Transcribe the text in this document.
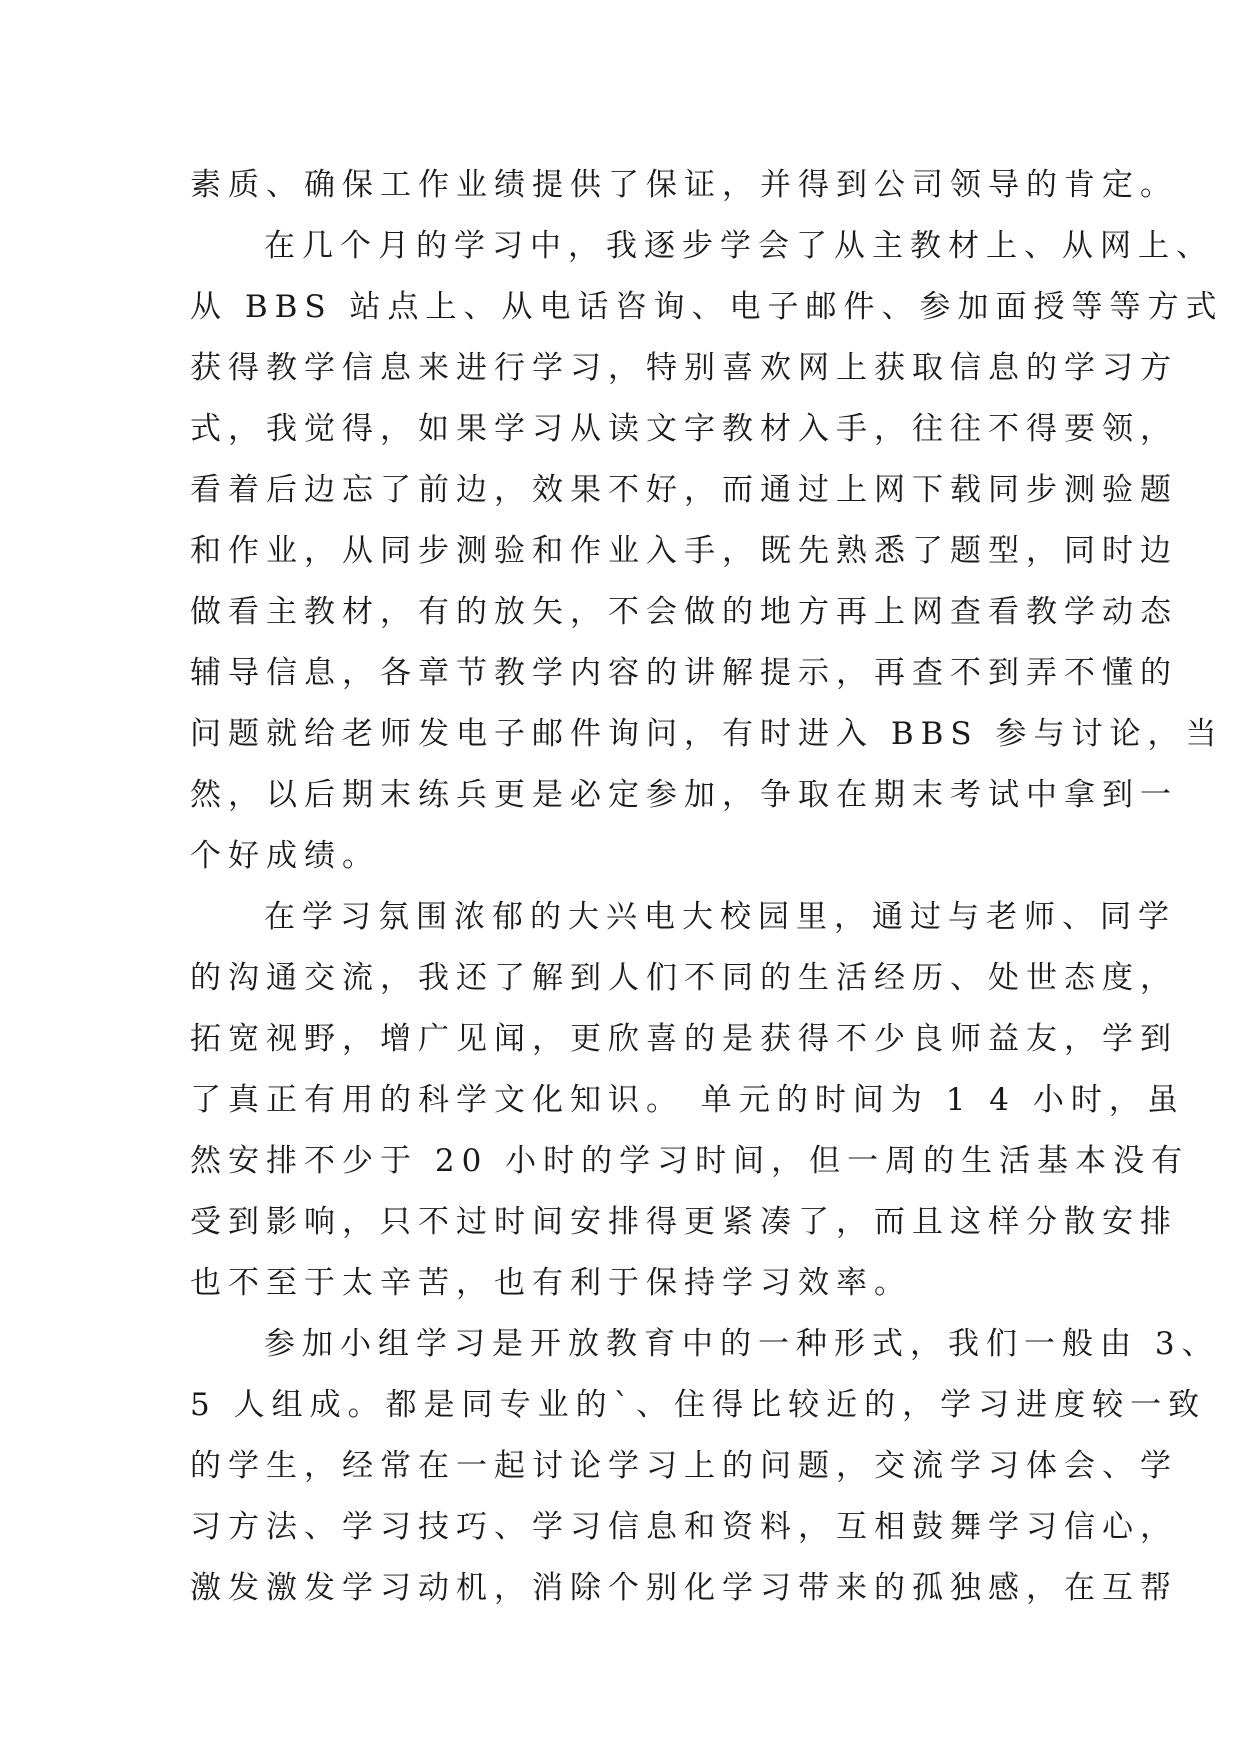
素质、确保工作业绩提供了保证，并得到公司领导的肯定。
在几个月的学习中，我逐步学会了从主教材上、从网上、
从 BBS 站点上、从电话咨询、电子邮件、参加面授等等方式
获得教学信息来进行学习，特别喜欢网上获取信息的学习方
式，我觉得，如果学习从读文字教材入手，往往不得要领，
看着后边忘了前边，效果不好，而通过上网下载同步测验题
和作业，从同步测验和作业入手，既先熟悉了题型，同时边
做看主教材，有的放矢，不会做的地方再上网查看教学动态
辅导信息，各章节教学内容的讲解提示，再查不到弄不懂的
问题就给老师发电子邮件询问，有时进入 BBS 参与讨论，当
然，以后期末练兵更是必定参加，争取在期末考试中拿到一
个好成绩。
在学习氛围浓郁的大兴电大校园里，通过与老师、同学
的沟通交流，我还了解到人们不同的生活经历、处世态度，
拓宽视野，增广见闻，更欣喜的是获得不少良师益友，学到
了真正有用的科学文化知识。 单元的时间为 1 4 小时，虽
然安排不少于 20 小时的学习时间，但一周的生活基本没有
受到影响，只不过时间安排得更紧凑了，而且这样分散安排
也不至于太辛苦，也有利于保持学习效率。
参加小组学习是开放教育中的一种形式，我们一般由 3、
5 人组成。都是同专业的`、住得比较近的，学习进度较一致
的学生，经常在一起讨论学习上的问题，交流学习体会、学
习方法、学习技巧、学习信息和资料，互相鼓舞学习信心，
激发激发学习动机，消除个别化学习带来的孤独感，在互帮
